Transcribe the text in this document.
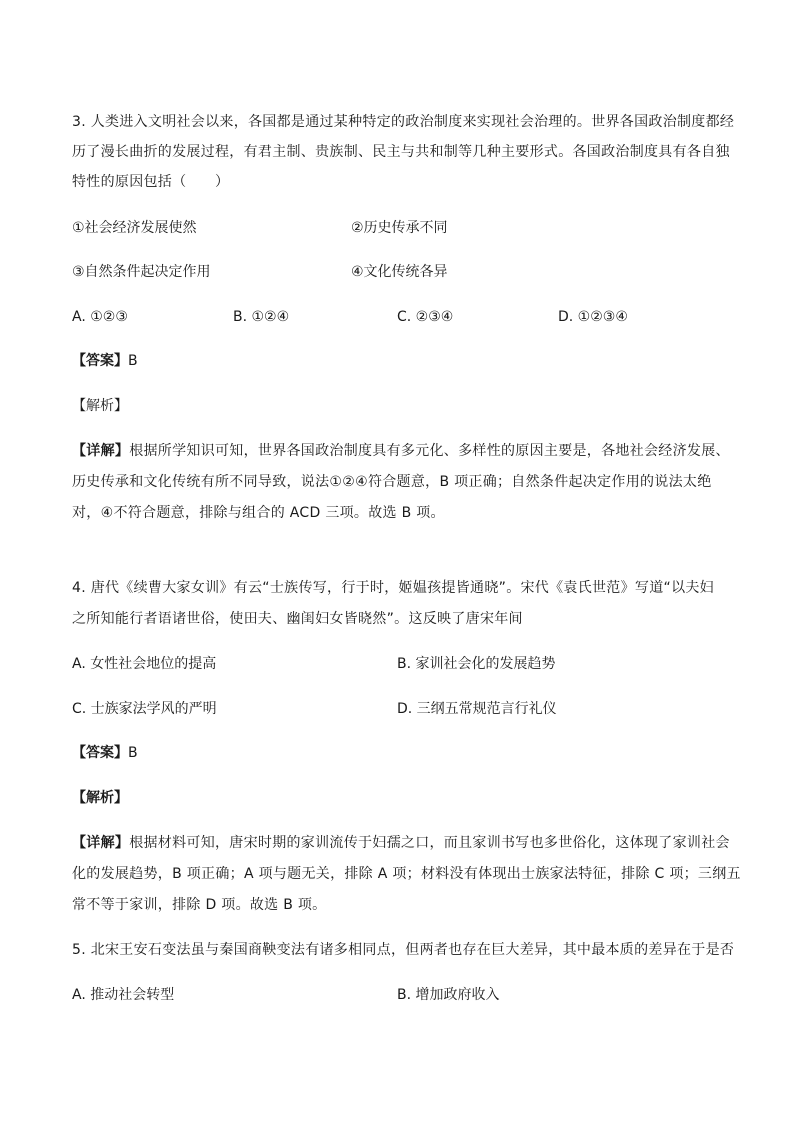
3. 人类进入文明社会以来，各国都是通过某种特定的政治制度来实现社会治理的。世界各国政治制度都经
历了漫长曲折的发展过程，有君主制、贵族制、民主与共和制等几种主要形式。各国政治制度具有各自独
特性的原因包括（　　）
①社会经济发展使然	②历史传承不同
③自然条件起决定作用	④文化传统各异
A. ①②③	B. ①②④	C. ②③④	D. ①②③④
【答案】B
【解析】
【详解】根据所学知识可知，世界各国政治制度具有多元化、多样性的原因主要是，各地社会经济发展、
历史传承和文化传统有所不同导致，说法①②④符合题意，B 项正确；自然条件起决定作用的说法太绝
对，④不符合题意，排除与组合的 ACD 三项。故选 B 项。
4. 唐代《续曹大家女训》有云“士族传写，行于时，姬媪孩提皆通晓”。宋代《袁氏世范》写道“以夫妇
之所知能行者语诸世俗，使田夫、幽闺妇女皆晓然”。这反映了唐宋年间
A. 女性社会地位的提高	B. 家训社会化的发展趋势
C. 士族家法学风的严明	D. 三纲五常规范言行礼仪
【答案】B
【解析】
【详解】根据材料可知，唐宋时期的家训流传于妇孺之口，而且家训书写也多世俗化，这体现了家训社会
化的发展趋势，B 项正确；A 项与题无关，排除 A 项；材料没有体现出士族家法特征，排除 C 项；三纲五
常不等于家训，排除 D 项。故选 B 项。
5. 北宋王安石变法虽与秦国商鞅变法有诸多相同点，但两者也存在巨大差异，其中最本质的差异在于是否
A. 推动社会转型	B. 增加政府收入
